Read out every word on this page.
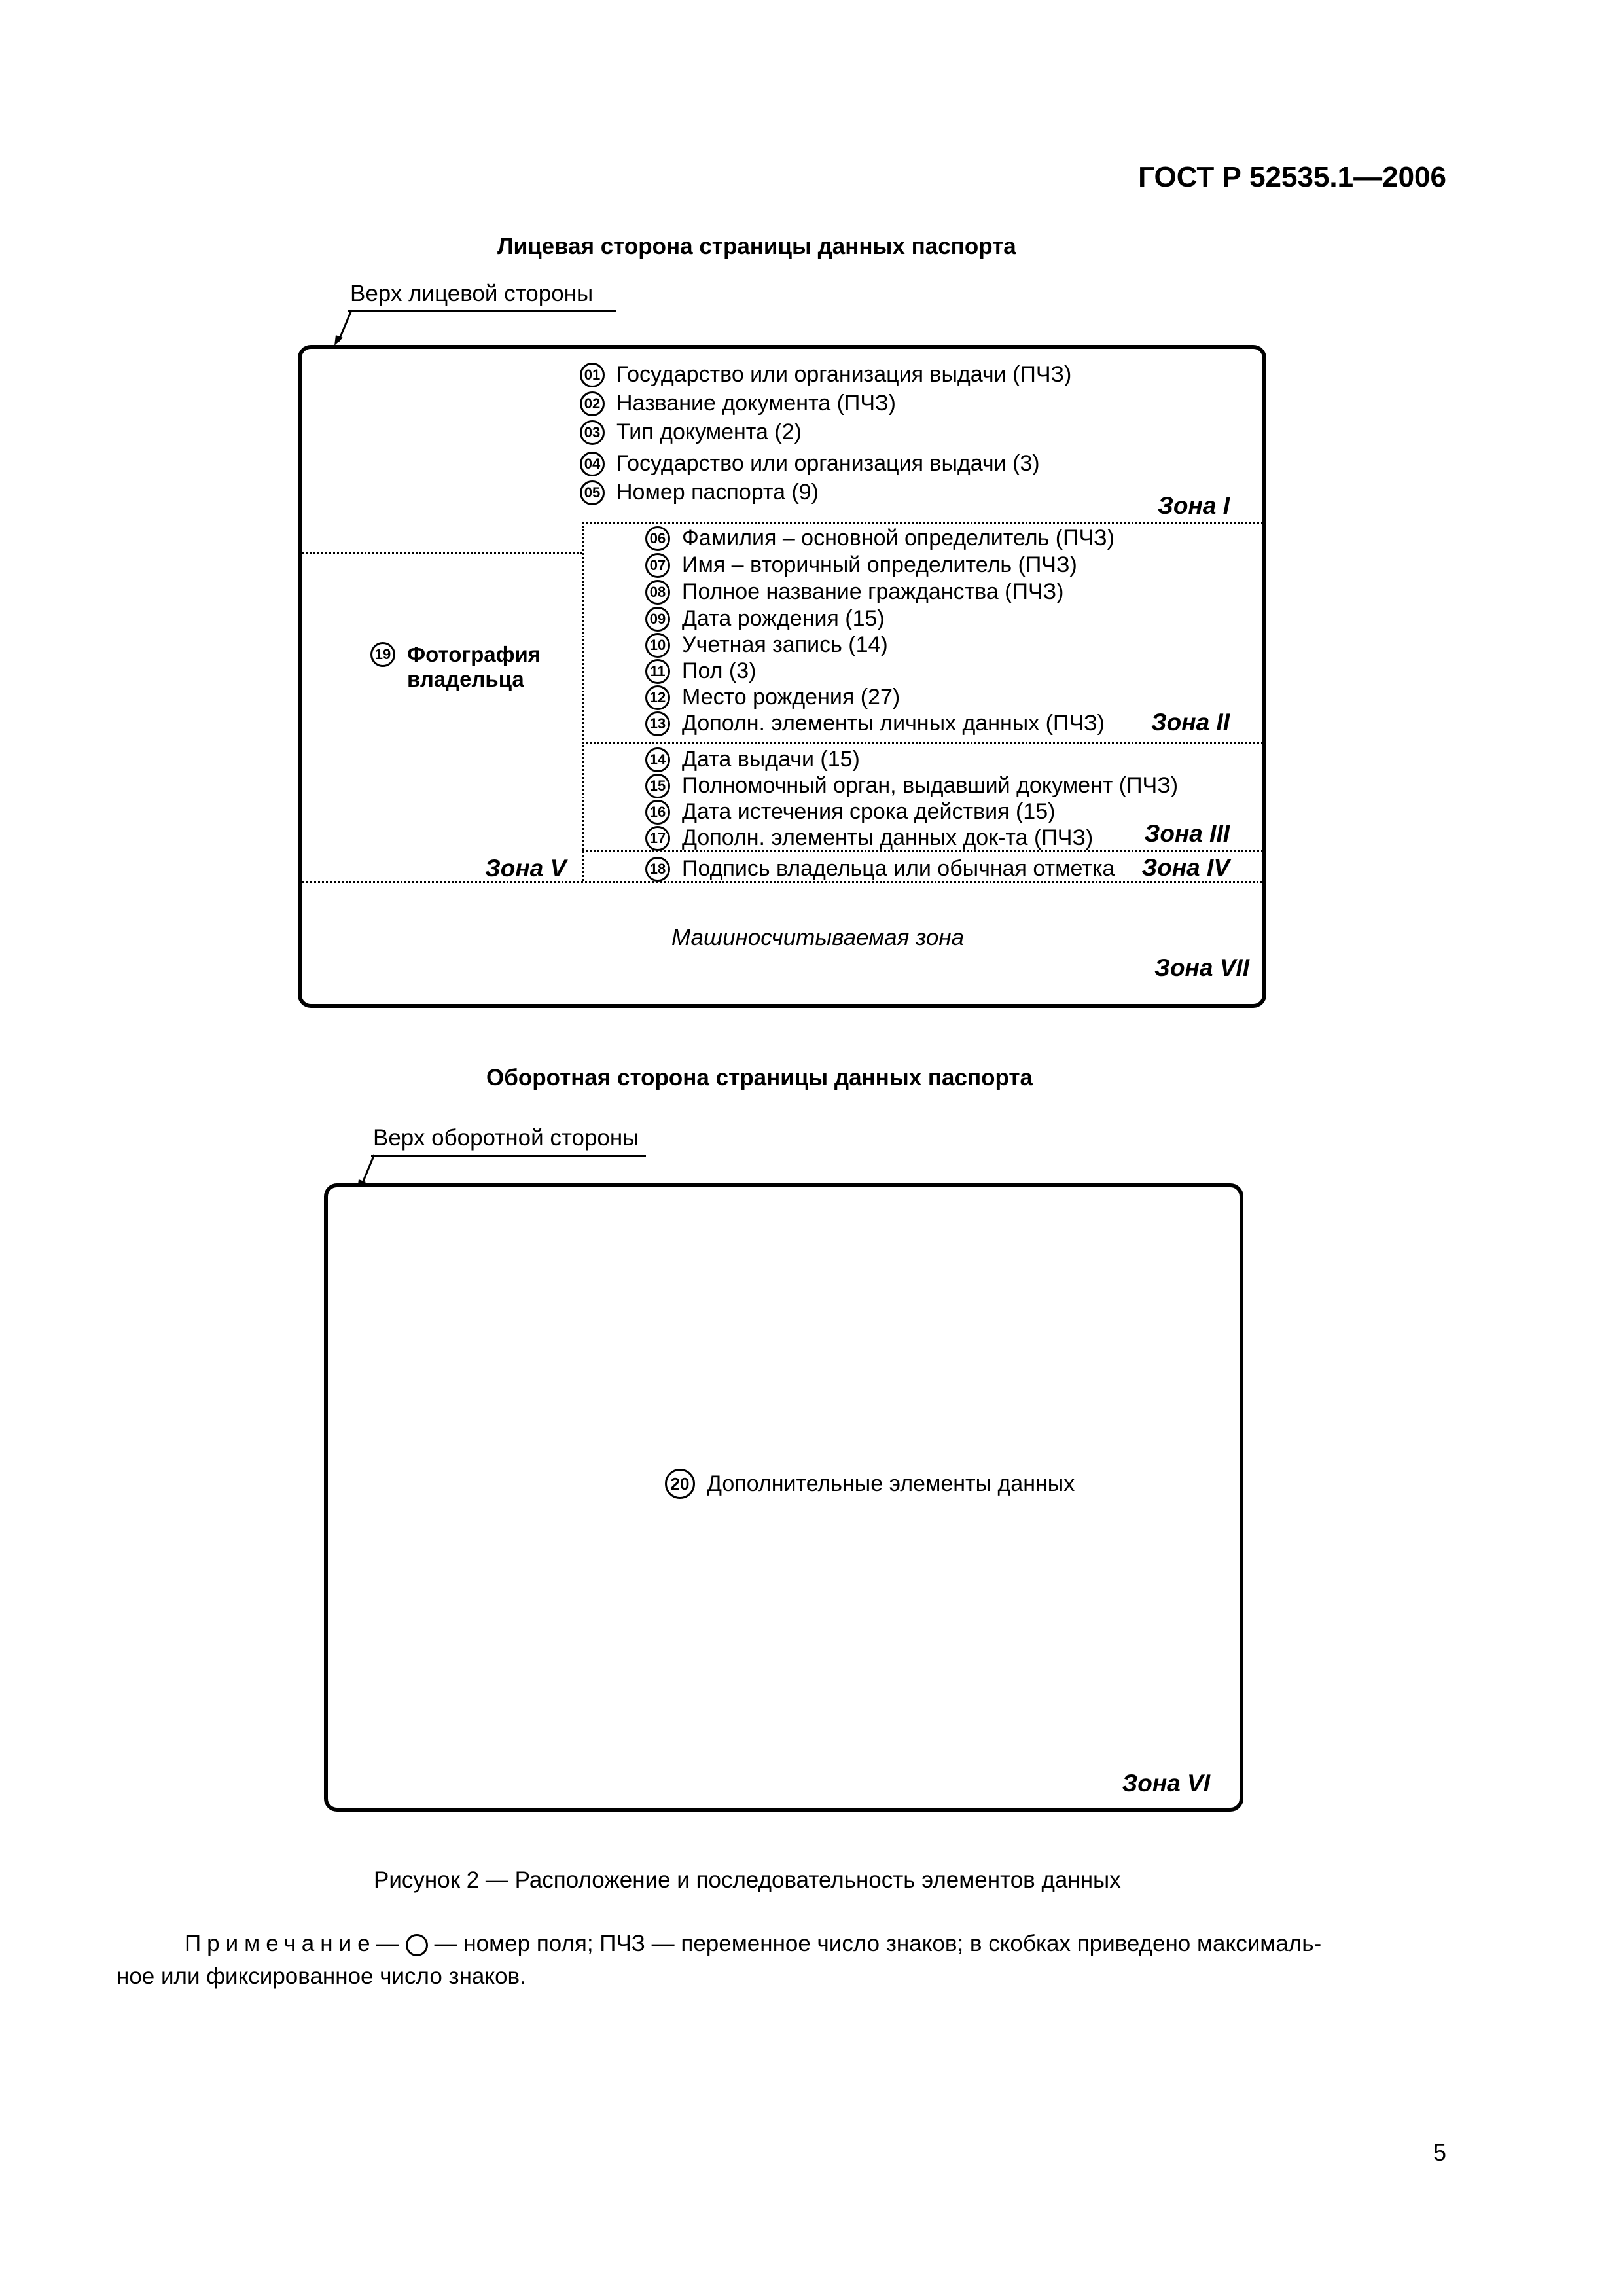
ГОСТ Р 52535.1—2006
Лицевая сторона страницы данных паспорта
Верх лицевой стороны
01 Государство или организация выдачи (ПЧЗ)
02 Название документа (ПЧЗ)
03 Тип документа (2)
04 Государство или организация выдачи (3)
05 Номер паспорта (9)	Зона I
06 Фамилия – основной определитель (ПЧЗ)
07 Имя – вторичный определитель (ПЧЗ)
08 Полное название гражданства (ПЧЗ)
09 Дата рождения (15)
10 Учетная запись (14)
11 Пол (3)
12 Место рождения (27)
13 Дополн. элементы личных данных (ПЧЗ) Зона II
14 Дата выдачи (15)
15 Полномочный орган, выдавший документ (ПЧЗ)
16 Дата истечения срока действия (15)
17 Дополн. элементы данных док-та (ПЧЗ) Зона III
18 Подпись владельца или обычная отметка Зона IV
19 Фотография
владельца
Зона V
Машиносчитываемая зона
Зона VII
Оборотная сторона страницы данных паспорта
Верх оборотной стороны
20 Дополнительные элементы данных
Зона VI
Рисунок 2 — Расположение и последовательность элементов данных
Примечание— — номер поля; ПЧЗ — переменное число знаков; в скобках приведено максималь-
ное или фиксированное число знаков.
5
